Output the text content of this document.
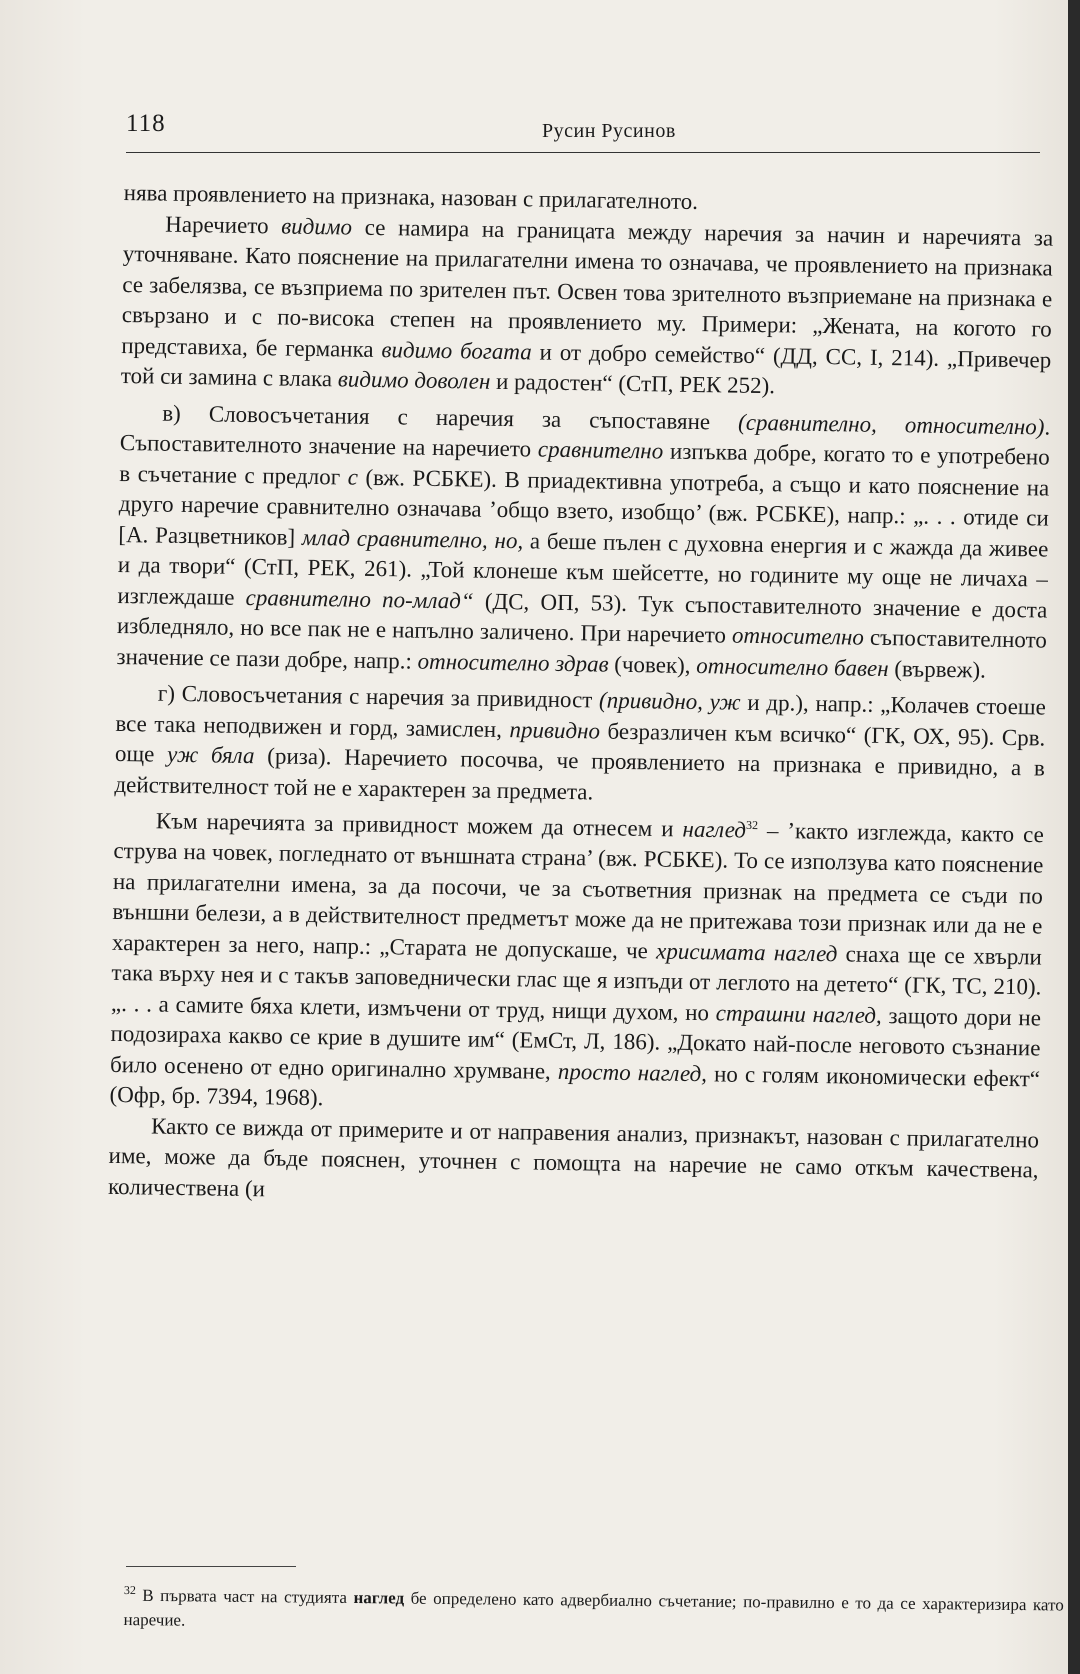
118	Русин Русинов

нява проявлението на признака, назован с прилагателното.

Наречието видимо се намира на границата между наречия за начин и наречията за уточняване. Като пояснение на прилагателни имена то означава, че проявлението на признака се забелязва, се възприема по зрителен път. Освен това зрителното възприемане на признака е свързано и с по-висока степен на проявлението му. Примери: „Жената, на когото го представиха, бе германка видимо богата и от добро семейство“ (ДД, СС, I, 214). „Привечер той си замина с влака видимо доволен и радостен“ (СтП, РЕК 252).

в) Словосъчетания с наречия за съпоставяне (сравнително, относително). Съпоставителното значение на наречието сравнително изпъква добре, когато то е употребено в съчетание с предлог с (вж. РСБКЕ). В приадективна употреба, а също и като пояснение на друго наречие сравнително означава ’общо взето, изобщо’ (вж. РСБКЕ), напр.: „. . . отиде си [А. Разцветников] млад сравнително, но, а беше пълен с духовна енергия и с жажда да живее и да твори“ (СтП, РЕК, 261). „Той клонеше към шейсетте, но годините му още не личаха – изглеждаше сравнително по-млад“ (ДС, ОП, 53). Тук съпоставителното значение е доста избледняло, но все пак не е напълно заличено. При наречието относително съпоставителното значение се пази добре, напр.: относително здрав (човек), относително бавен (вървеж).

г) Словосъчетания с наречия за привидност (привидно, уж и др.), напр.: „Колачев стоеше все така неподвижен и горд, замислен, привидно безразличен към всичко“ (ГК, ОХ, 95). Срв. още уж бяла (риза). Наречието посочва, че проявлението на признака е привидно, а в действителност той не е характерен за предмета.

Към наречията за привидност можем да отнесем и наглед$^{32}$ – ’както изглежда, както се струва на човек, погледнато от външната страна’ (вж. РСБКЕ). То се използува като пояснение на прилагателни имена, за да посочи, че за съответния признак на предмета се съди по външни белези, а в действителност предметът може да не притежава този признак или да не е характерен за него, напр.: „Старата не допускаше, че хрисимата наглед снаха ще се хвърли така върху нея и с такъв заповеднически глас ще я изпъди от леглото на детето“ (ГК, ТС, 210). „. . . а самите бяха клети, измъчени от труд, нищи духом, но страшни наглед, защото дори не подозираха какво се крие в душите им“ (ЕмСт, Л, 186). „Докато най-после неговото съзнание било осенено от едно оригинално хрумване, просто наглед, но с голям икономически ефект“ (Офр, бр. 7394, 1968).

Както се вижда от примерите и от направения анализ, признакът, назован с прилагателно име, може да бъде пояснен, уточнен с помощта на наречие не само откъм качествена, количествена (и

$^{32}$ В първата част на студията наглед бе определено като адвербиално съчетание; по-правилно е то да се характеризира като наречие.
